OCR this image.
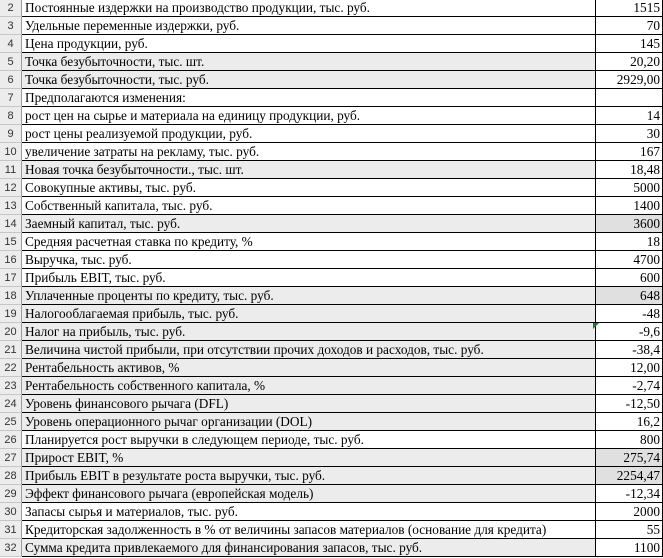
2	Постоянные издержки на производство продукции, тыс. руб.	1515
3	Удельные переменные издержки, руб.	70
4	Цена продукции, руб.	145
5	Точка безубыточности, тыс. шт.	20,20
6	Точка безубыточности, тыс. руб.	2929,00
7	Предполагаются изменения:	
8	рост цен на сырье и материала на единицу продукции, руб.	14
9	рост цены реализуемой продукции, руб.	30
10	увеличение затраты на рекламу, тыс. руб.	167
11	Новая точка безубыточности., тыс. шт.	18,48
12	Совокупные активы, тыс. руб.	5000
13	Собственный капитала, тыс. руб.	1400
14	Заемный капитал, тыс. руб.	3600
15	Средняя расчетная ставка по кредиту, %	18
16	Выручка, тыс. руб.	4700
17	Прибыль EBIT, тыс. руб.	600
18	Уплаченные проценты по кредиту, тыс. руб.	648
19	Налогооблагаемая прибыль, тыс. руб.	-48
20	Налог на прибыль, тыс. руб.	-9,6
21	Величина чистой прибыли, при отсутствии прочих доходов и расходов, тыс. руб.	-38,4
22	Рентабельность активов, %	12,00
23	Рентабельность собственного капитала, %	-2,74
24	Уровень финансового рычага (DFL)	-12,50
25	Уровень операционного рычаг организации (DOL)	16,2
26	Планируется рост выручки в следующем периоде, тыс. руб.	800
27	Прирост EBIT, %	275,74
28	Прибыль EBIT в результате роста выручки, тыс. руб.	2254,47
29	Эффект финансового рычага (европейская модель)	-12,34
30	Запасы сырья и материалов, тыс. руб.	2000
31	Кредиторская задолженность в % от величины запасов материалов (основание для кредита)	55
32	Сумма кредита привлекаемого для финансирования запасов, тыс. руб.	1100
